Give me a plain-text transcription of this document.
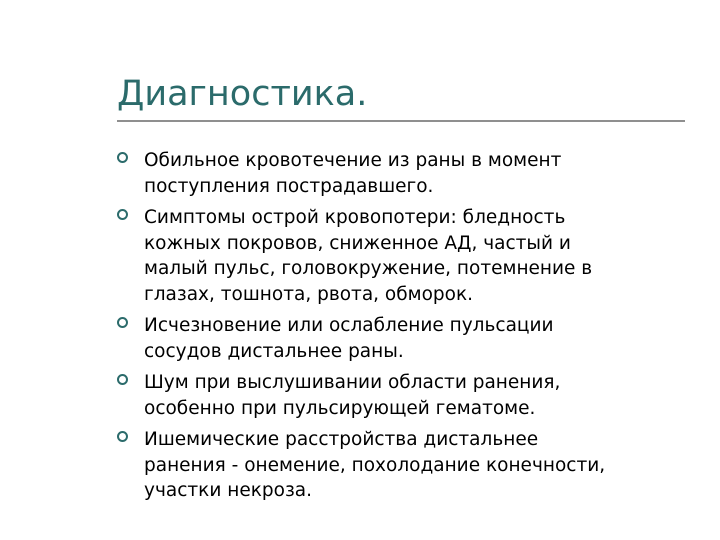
Диагностика.
Обильное кровотечение из раны в момент
поступления пострадавшего.
Симптомы острой кровопотери: бледность
кожных покровов, сниженное АД, частый и
малый пульс, головокружение, потемнение в
глазах, тошнота, рвота, обморок.
Исчезновение или ослабление пульсации
сосудов дистальнее раны.
Шум при выслушивании области ранения,
особенно при пульсирующей гематоме.
Ишемические расстройства дистальнее
ранения - онемение, похолодание конечности,
участки некроза.
